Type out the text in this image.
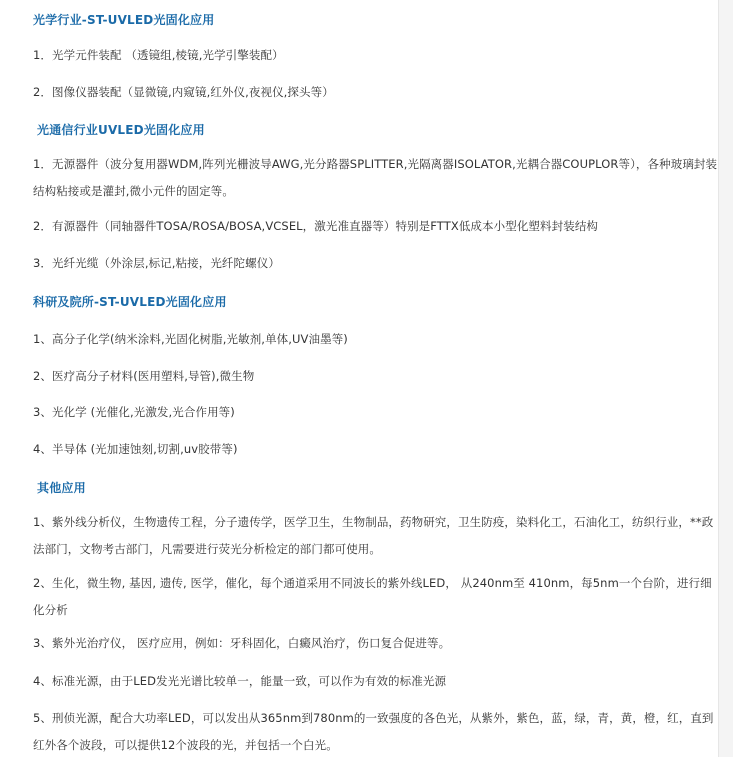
光学行业-ST-UVLED光固化应用
1．光学元件装配 （透镜组,棱镜,光学引擎装配）
2．图像仪器装配（显微镜,内窥镜,红外仪,夜视仪,探头等）
光通信行业UVLED光固化应用
1．无源器件（波分复用器WDM,阵列光栅波导AWG,光分路器SPLITTER,光隔离器ISOLATOR,光耦合器COUPLOR等），各种玻璃封装结构粘接或是灌封,微小元件的固定等。
2．有源器件（同轴器件TOSA/ROSA/BOSA,VCSEL，激光准直器等）特别是FTTX低成本小型化塑料封装结构
3．光纤光缆（外涂层,标记,粘接，光纤陀螺仪）
科研及院所-ST-UVLED光固化应用
1、高分子化学(纳米涂料,光固化树脂,光敏剂,单体,UV油墨等)
2、医疗高分子材料(医用塑料,导管),微生物
3、光化学 (光催化,光激发,光合作用等)
4、半导体 (光加速蚀刻,切割,uv胶带等)
其他应用
1、紫外线分析仪，生物遗传工程，分子遗传学，医学卫生，生物制品，药物研究，卫生防疫，染料化工，石油化工，纺织行业，**政法部门，文物考古部门，凡需要进行荧光分析检定的部门都可使用。
2、生化，微生物, 基因, 遗传, 医学，催化，每个通道采用不同波长的紫外线LED， 从240nm至 410nm，每5nm一个台阶，进行细化分析
3、紫外光治疗仪， 医疗应用，例如：牙科固化，白癜风治疗，伤口复合促进等。
4、标准光源，由于LED发光光谱比较单一，能量一致，可以作为有效的标准光源
5、刑侦光源，配合大功率LED，可以发出从365nm到780nm的一致强度的各色光，从紫外，紫色，蓝，绿，青，黄，橙，红，直到红外各个波段，可以提供12个波段的光，并包括一个白光。
